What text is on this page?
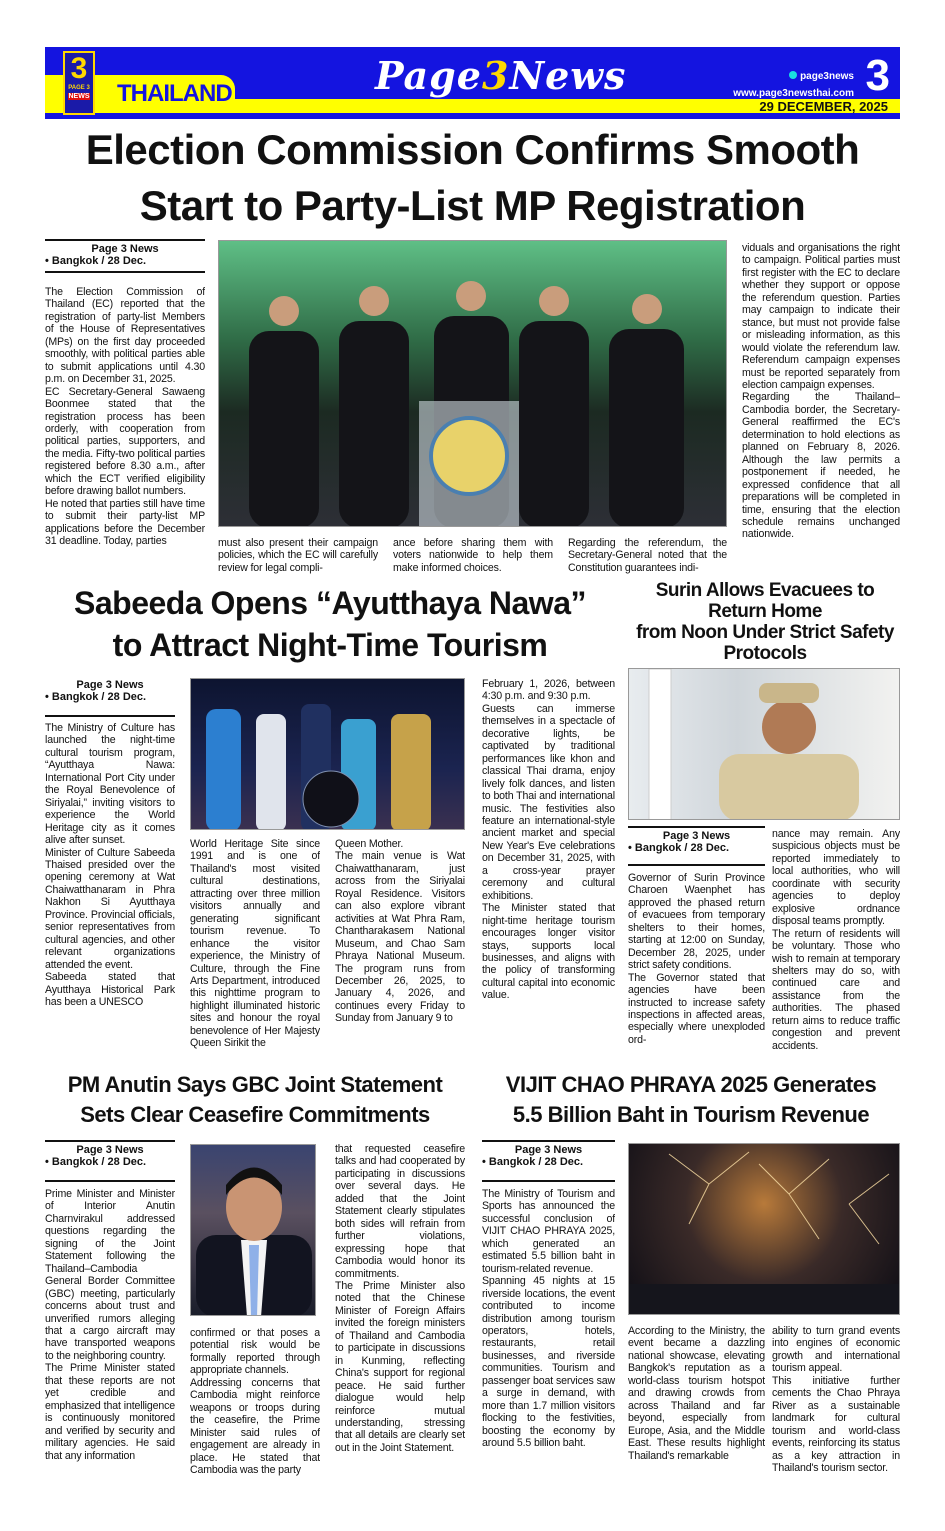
3
PAGE 3
NEWS THAILAND	Page3News	page3news
www.page3newsthai.com 3
29 DECEMBER, 2025
Election Commission Confirms Smooth
Start to Party-List MP Registration
Page 3 News
• Bangkok / 28 Dec.

The Election Commission of Thailand (EC) reported that the registration of party-list Members of the House of Representatives (MPs) on the first day proceeded smoothly, with political parties able to submit applications until 4.30 p.m. on December 31, 2025.

EC Secretary-General Sawaeng Boonmee stated that the registration process has been orderly, with cooperation from political parties, supporters, and the media. Fifty-two political parties registered before 8.30 a.m., after which the ECT verified eligibility before drawing ballot numbers.

He noted that parties still have time to submit their party-list MP applications before the December 31 deadline. Today, parties	must also present their campaign policies, which the EC will carefully review for legal compli-

ance before sharing them with voters nationwide to help them make informed choices.

Regarding the referendum, the Secretary-General noted that the Constitution guarantees indi-

viduals and organisations the right to campaign. Political parties must first register with the EC to declare whether they support or oppose the referendum question. Parties may campaign to indicate their stance, but must not provide false or misleading information, as this would violate the referendum law. Referendum campaign expenses must be reported separately from election campaign expenses.

Regarding the Thailand–Cambodia border, the Secretary-General reaffirmed the EC's determination to hold elections as planned on February 8, 2026. Although the law permits a postponement if needed, he expressed confidence that all preparations will be completed in time, ensuring that the election schedule remains unchanged nationwide.

Sabeeda Opens “Ayutthaya Nawa”
to Attract Night-Time Tourism
Page 3 News
• Bangkok / 28 Dec.

The Ministry of Culture has launched the night-time cultural tourism program, “Ayutthaya Nawa: International Port City under the Royal Benevolence of Siriyalai,” inviting visitors to experience the World Heritage city as it comes alive after sunset.

Minister of Culture Sabeeda Thaised presided over the opening ceremony at Wat Chaiwatthanaram in Phra Nakhon Si Ayutthaya Province. Provincial officials, senior representatives from cultural agencies, and other relevant organizations attended the event.

Sabeeda stated that Ayutthaya Historical Park has been a UNESCO

World Heritage Site since 1991 and is one of Thailand's most visited cultural destinations, attracting over three million visitors annually and generating significant tourism revenue. To enhance the visitor experience, the Ministry of Culture, through the Fine Arts Department, introduced this nighttime program to highlight illuminated historic sites and honour the royal benevolence of Her Majesty Queen Sirikit the

Queen Mother.

The main venue is Wat Chaiwatthanaram, just across from the Siriyalai Royal Residence. Visitors can also explore vibrant activities at Wat Phra Ram, Chantharakasem National Museum, and Chao Sam Phraya National Museum. The program runs from December 26, 2025, to January 4, 2026, and continues every Friday to Sunday from January 9 to

February 1, 2026, between 4:30 p.m. and 9:30 p.m.

Guests can immerse themselves in a spectacle of decorative lights, be captivated by traditional performances like khon and classical Thai drama, enjoy lively folk dances, and listen to both Thai and international music. The festivities also feature an international-style ancient market and special New Year's Eve celebrations on December 31, 2025, with a cross-year prayer ceremony and cultural exhibitions.

The Minister stated that night-time heritage tourism encourages longer visitor stays, supports local businesses, and aligns with the policy of transforming cultural capital into economic value.

Surin Allows Evacuees to Return Home
from Noon Under Strict Safety Protocols
Page 3 News
• Bangkok / 28 Dec.

Governor of Surin Province Charoen Waenphet has approved the phased return of evacuees from temporary shelters to their homes, starting at 12:00 on Sunday, December 28, 2025, under strict safety conditions.

The Governor stated that agencies have been instructed to increase safety inspections in affected areas, especially where unexploded ord-

nance may remain. Any suspicious objects must be reported immediately to local authorities, who will coordinate with security agencies to deploy explosive ordnance disposal teams promptly.

The return of residents will be voluntary. Those who wish to remain at temporary shelters may do so, with continued care and assistance from the authorities. The phased return aims to reduce traffic congestion and prevent accidents.

PM Anutin Says GBC Joint Statement
Sets Clear Ceasefire Commitments
Page 3 News
• Bangkok / 28 Dec.

Prime Minister and Minister of Interior Anutin Charnvirakul addressed questions regarding the signing of the Joint Statement following the Thailand–Cambodia General Border Committee (GBC) meeting, particularly concerns about trust and unverified rumors alleging that a cargo aircraft may have transported weapons to the neighboring country.

The Prime Minister stated that these reports are not yet credible and emphasized that intelligence is continuously monitored and verified by security and military agencies. He said that any information

confirmed or that poses a potential risk would be formally reported through appropriate channels.

Addressing concerns that Cambodia might reinforce weapons or troops during the ceasefire, the Prime Minister said rules of engagement are already in place. He stated that Cambodia was the party

that requested ceasefire talks and had cooperated by participating in discussions over several days. He added that the Joint Statement clearly stipulates both sides will refrain from further violations, expressing hope that Cambodia would honor its commitments.

The Prime Minister also noted that the Chinese Minister of Foreign Affairs invited the foreign ministers of Thailand and Cambodia to participate in discussions in Kunming, reflecting China's support for regional peace. He said further dialogue would help reinforce mutual understanding, stressing that all details are clearly set out in the Joint Statement.

VIJIT CHAO PHRAYA 2025 Generates
5.5 Billion Baht in Tourism Revenue
Page 3 News
• Bangkok / 28 Dec.

The Ministry of Tourism and Sports has announced the successful conclusion of VIJIT CHAO PHRAYA 2025, which generated an estimated 5.5 billion baht in tourism-related revenue.

Spanning 45 nights at 15 riverside locations, the event contributed to income distribution among tourism operators, hotels, restaurants, retail businesses, and riverside communities. Tourism and passenger boat services saw a surge in demand, with more than 1.7 million visitors flocking to the festivities, boosting the economy by around 5.5 billion baht.

According to the Ministry, the event became a dazzling national showcase, elevating Bangkok's reputation as a world-class tourism hotspot and drawing crowds from across Thailand and far beyond, especially from Europe, Asia, and the Middle East. These results highlight Thailand's remarkable

ability to turn grand events into engines of economic growth and international tourism appeal.

This initiative further cements the Chao Phraya River as a sustainable landmark for cultural tourism and world-class events, reinforcing its status as a key attraction in Thailand's tourism sector.
